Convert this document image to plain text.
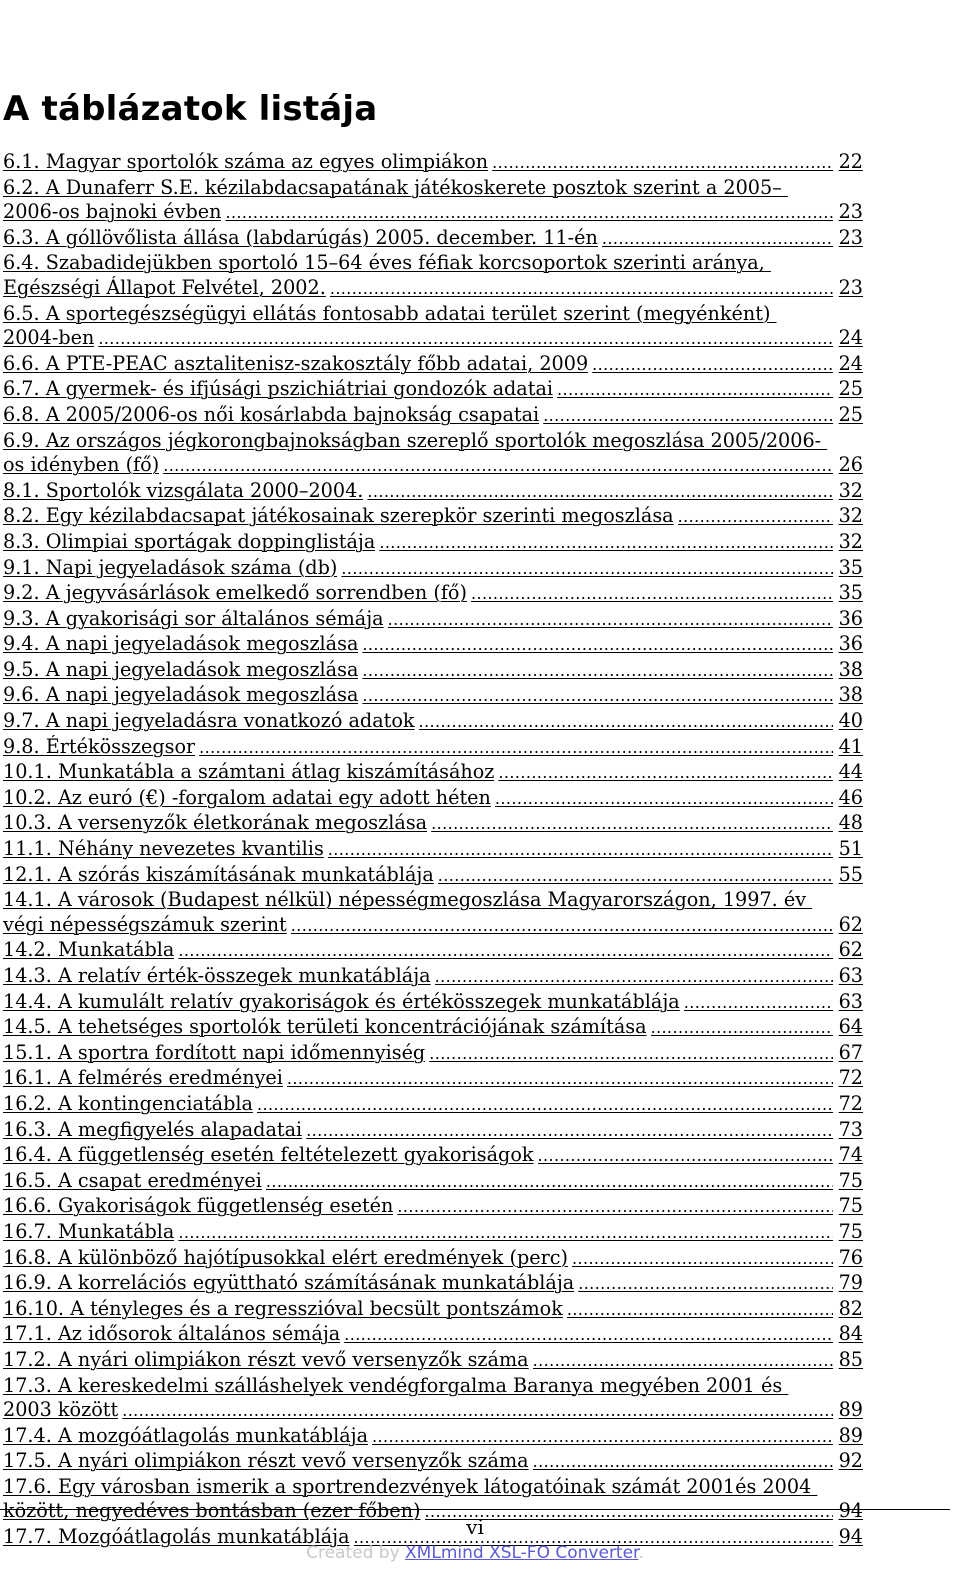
A táblázatok listája
6.1. Magyar sportolók száma az egyes olimpiákon .....	22
6.2. A Dunaferr S.E. kézilabdacsapatának játékoskerete posztok szerint a 2005–
2006-os bajnoki évben .....	23
6.3. A góllövőlista állása (labdarúgás) 2005. december. 11-én .....	23
6.4. Szabadidejükben sportoló 15–64 éves féfiak korcsoportok szerinti aránya,
Egészségi Állapot Felvétel, 2002. .....	23
6.5. A sportegészségügyi ellátás fontosabb adatai terület szerint (megyénként)
2004-ben .....	24
6.6. A PTE-PEAC asztalitenisz-szakosztály főbb adatai, 2009 .....	24
6.7. A gyermek- és ifjúsági pszichiátriai gondozók adatai .....	25
6.8. A 2005/2006-os női kosárlabda bajnokság csapatai .....	25
6.9. Az országos jégkorongbajnokságban szereplő sportolók megoszlása 2005/2006-
os idényben (fő) .....	26
8.1. Sportolók vizsgálata 2000–2004. .....	32
8.2. Egy kézilabdacsapat játékosainak szerepkör szerinti megoszlása .....	32
8.3. Olimpiai sportágak doppinglistája .....	32
9.1. Napi jegyeladások száma (db) .....	35
9.2. A jegyvásárlások emelkedő sorrendben (fő) .....	35
9.3. A gyakorisági sor általános sémája .....	36
9.4. A napi jegyeladások megoszlása .....	36
9.5. A napi jegyeladások megoszlása .....	38
9.6. A napi jegyeladások megoszlása .....	38
9.7. A napi jegyeladásra vonatkozó adatok .....	40
9.8. Értékösszegsor .....	41
10.1. Munkatábla a számtani átlag kiszámításához .....	44
10.2. Az euró (€) -forgalom adatai egy adott héten .....	46
10.3. A versenyzők életkorának megoszlása .....	48
11.1. Néhány nevezetes kvantilis .....	51
12.1. A szórás kiszámításának munkatáblája .....	55
14.1. A városok (Budapest nélkül) népességmegoszlása Magyarországon, 1997. év
végi népességszámuk szerint .....	62
14.2. Munkatábla .....	62
14.3. A relatív érték-összegek munkatáblája .....	63
14.4. A kumulált relatív gyakoriságok és értékösszegek munkatáblája .....	63
14.5. A tehetséges sportolók területi koncentrációjának számítása .....	64
15.1. A sportra fordított napi időmennyiség .....	67
16.1. A felmérés eredményei .....	72
16.2. A kontingenciatábla .....	72
16.3. A megfigyelés alapadatai .....	73
16.4. A függetlenség esetén feltételezett gyakoriságok .....	74
16.5. A csapat eredményei .....	75
16.6. Gyakoriságok függetlenség esetén .....	75
16.7. Munkatábla .....	75
16.8. A különböző hajótípusokkal elért eredmények (perc) .....	76
16.9. A korrelációs együttható számításának munkatáblája .....	79
16.10. A tényleges és a regresszióval becsült pontszámok .....	82
17.1. Az idősorok általános sémája .....	84
17.2. A nyári olimpiákon részt vevő versenyzők száma .....	85
17.3. A kereskedelmi szálláshelyek vendégforgalma Baranya megyében 2001 és
2003 között .....	89
17.4. A mozgóátlagolás munkatáblája .....	89
17.5. A nyári olimpiákon részt vevő versenyzők száma .....	92
17.6. Egy városban ismerik a sportrendezvények látogatóinak számát 2001és 2004
között, negyedéves bontásban (ezer főben) .....	94
17.7. Mozgóátlagolás munkatáblája .....	94
vi
Created by XMLmind XSL-FO Converter.
